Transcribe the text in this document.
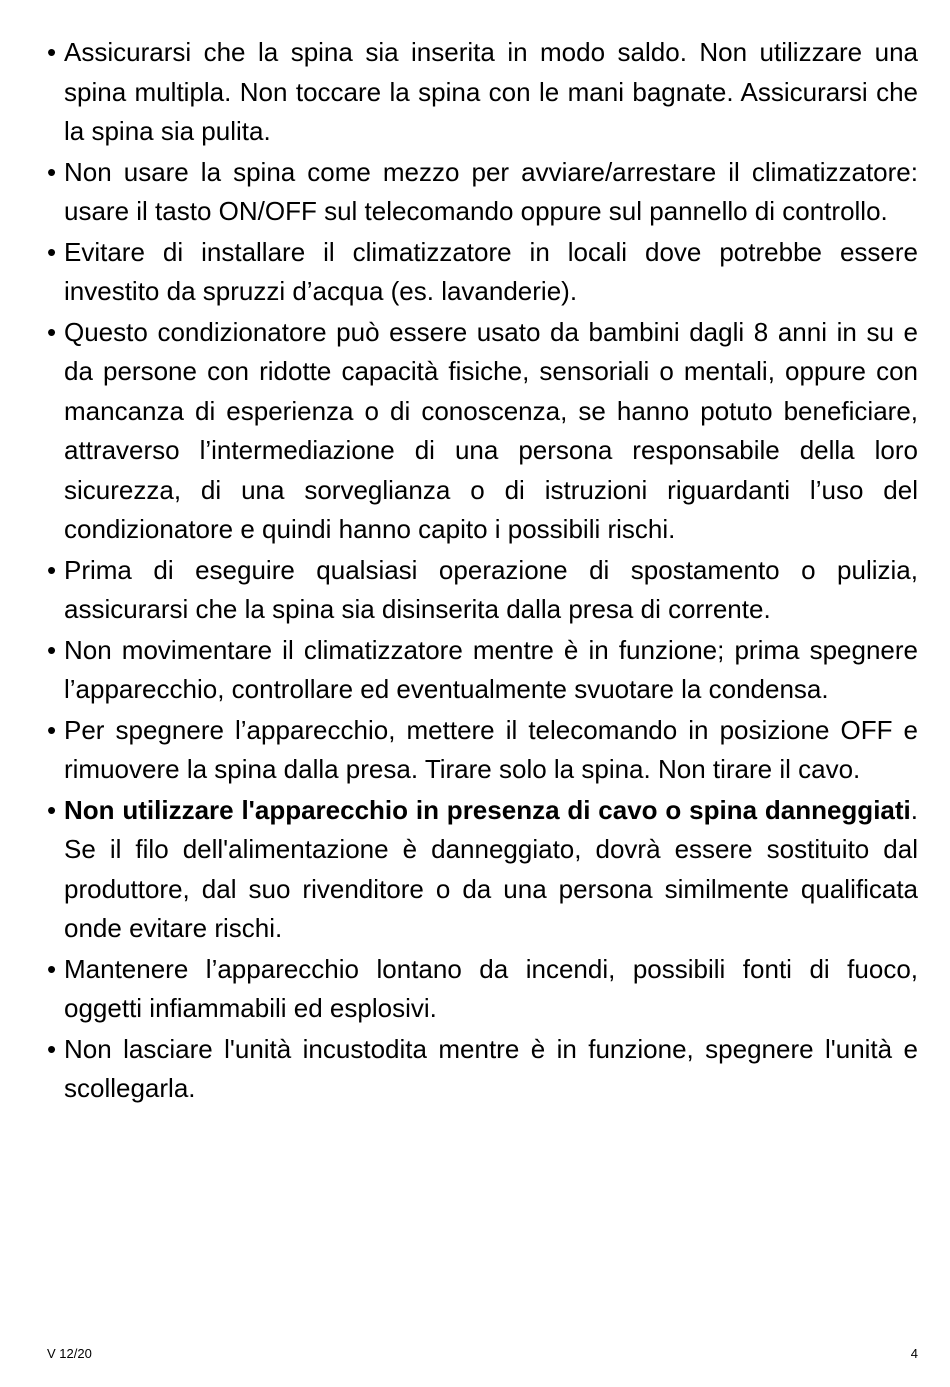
• Assicurarsi che la spina sia inserita in modo saldo. Non utilizzare una spina multipla. Non toccare la spina con le mani bagnate. Assicurarsi che la spina sia pulita.
• Non usare la spina come mezzo per avviare/arrestare il climatizzatore: usare il tasto ON/OFF sul telecomando oppure sul pannello di controllo.
• Evitare di installare il climatizzatore in locali dove potrebbe essere investito da spruzzi d’acqua (es. lavanderie).
• Questo condizionatore può essere usato da bambini dagli 8 anni in su e da persone con ridotte capacità fisiche, sensoriali o mentali, oppure con mancanza di esperienza o di conoscenza, se hanno potuto beneficiare, attraverso l’intermediazione di una persona responsabile della loro sicurezza, di una sorveglianza o di istruzioni riguardanti l’uso del condizionatore e quindi hanno capito i possibili rischi.
• Prima di eseguire qualsiasi operazione di spostamento o pulizia, assicurarsi che la spina sia disinserita dalla presa di corrente.
• Non movimentare il climatizzatore mentre è in funzione; prima spegnere l’apparecchio, controllare ed eventualmente svuotare la condensa.
• Per spegnere l’apparecchio, mettere il telecomando in posizione OFF e rimuovere la spina dalla presa. Tirare solo la spina. Non tirare il cavo.
• Non utilizzare l'apparecchio in presenza di cavo o spina danneggiati. Se il filo dell'alimentazione è danneggiato, dovrà essere sostituito dal produttore, dal suo rivenditore o da una persona similmente qualificata onde evitare rischi.
• Mantenere l’apparecchio lontano da incendi, possibili fonti di fuoco, oggetti infiammabili ed esplosivi.
• Non lasciare l'unità incustodita mentre è in funzione, spegnere l'unità e scollegarla.
V 12/20	4
